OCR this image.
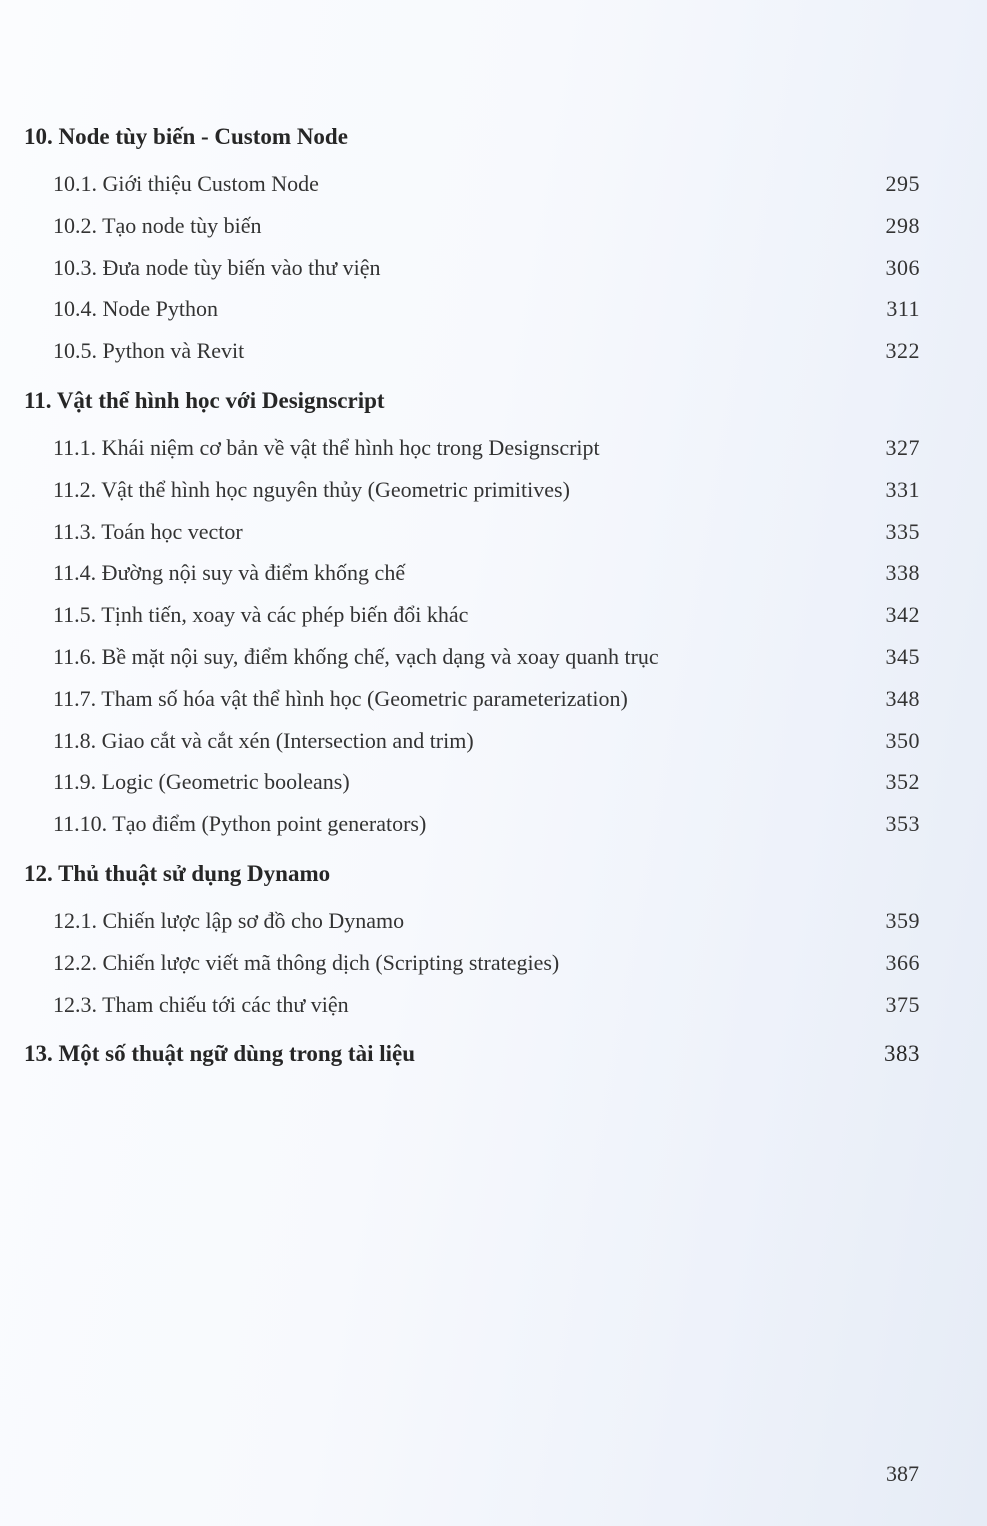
10. Node tùy biến - Custom Node
10.1. Giới thiệu Custom Node	295
10.2. Tạo node tùy biến	298
10.3. Đưa node tùy biến vào thư viện	306
10.4. Node Python	311
10.5. Python và Revit	322
11. Vật thể hình học với Designscript
11.1. Khái niệm cơ bản về vật thể hình học trong Designscript	327
11.2. Vật thể hình học nguyên thủy (Geometric primitives)	331
11.3. Toán học vector	335
11.4. Đường nội suy và điểm khống chế	338
11.5. Tịnh tiến, xoay và các phép biến đổi khác	342
11.6. Bề mặt nội suy, điểm khống chế, vạch dạng và xoay quanh trục	345
11.7. Tham số hóa vật thể hình học (Geometric parameterization)	348
11.8. Giao cắt và cắt xén (Intersection and trim)	350
11.9. Logic (Geometric booleans)	352
11.10. Tạo điểm (Python point generators)	353
12. Thủ thuật sử dụng Dynamo
12.1. Chiến lược lập sơ đồ cho Dynamo	359
12.2. Chiến lược viết mã thông dịch (Scripting strategies)	366
12.3. Tham chiếu tới các thư viện	375
13. Một số thuật ngữ dùng trong tài liệu	383
387
